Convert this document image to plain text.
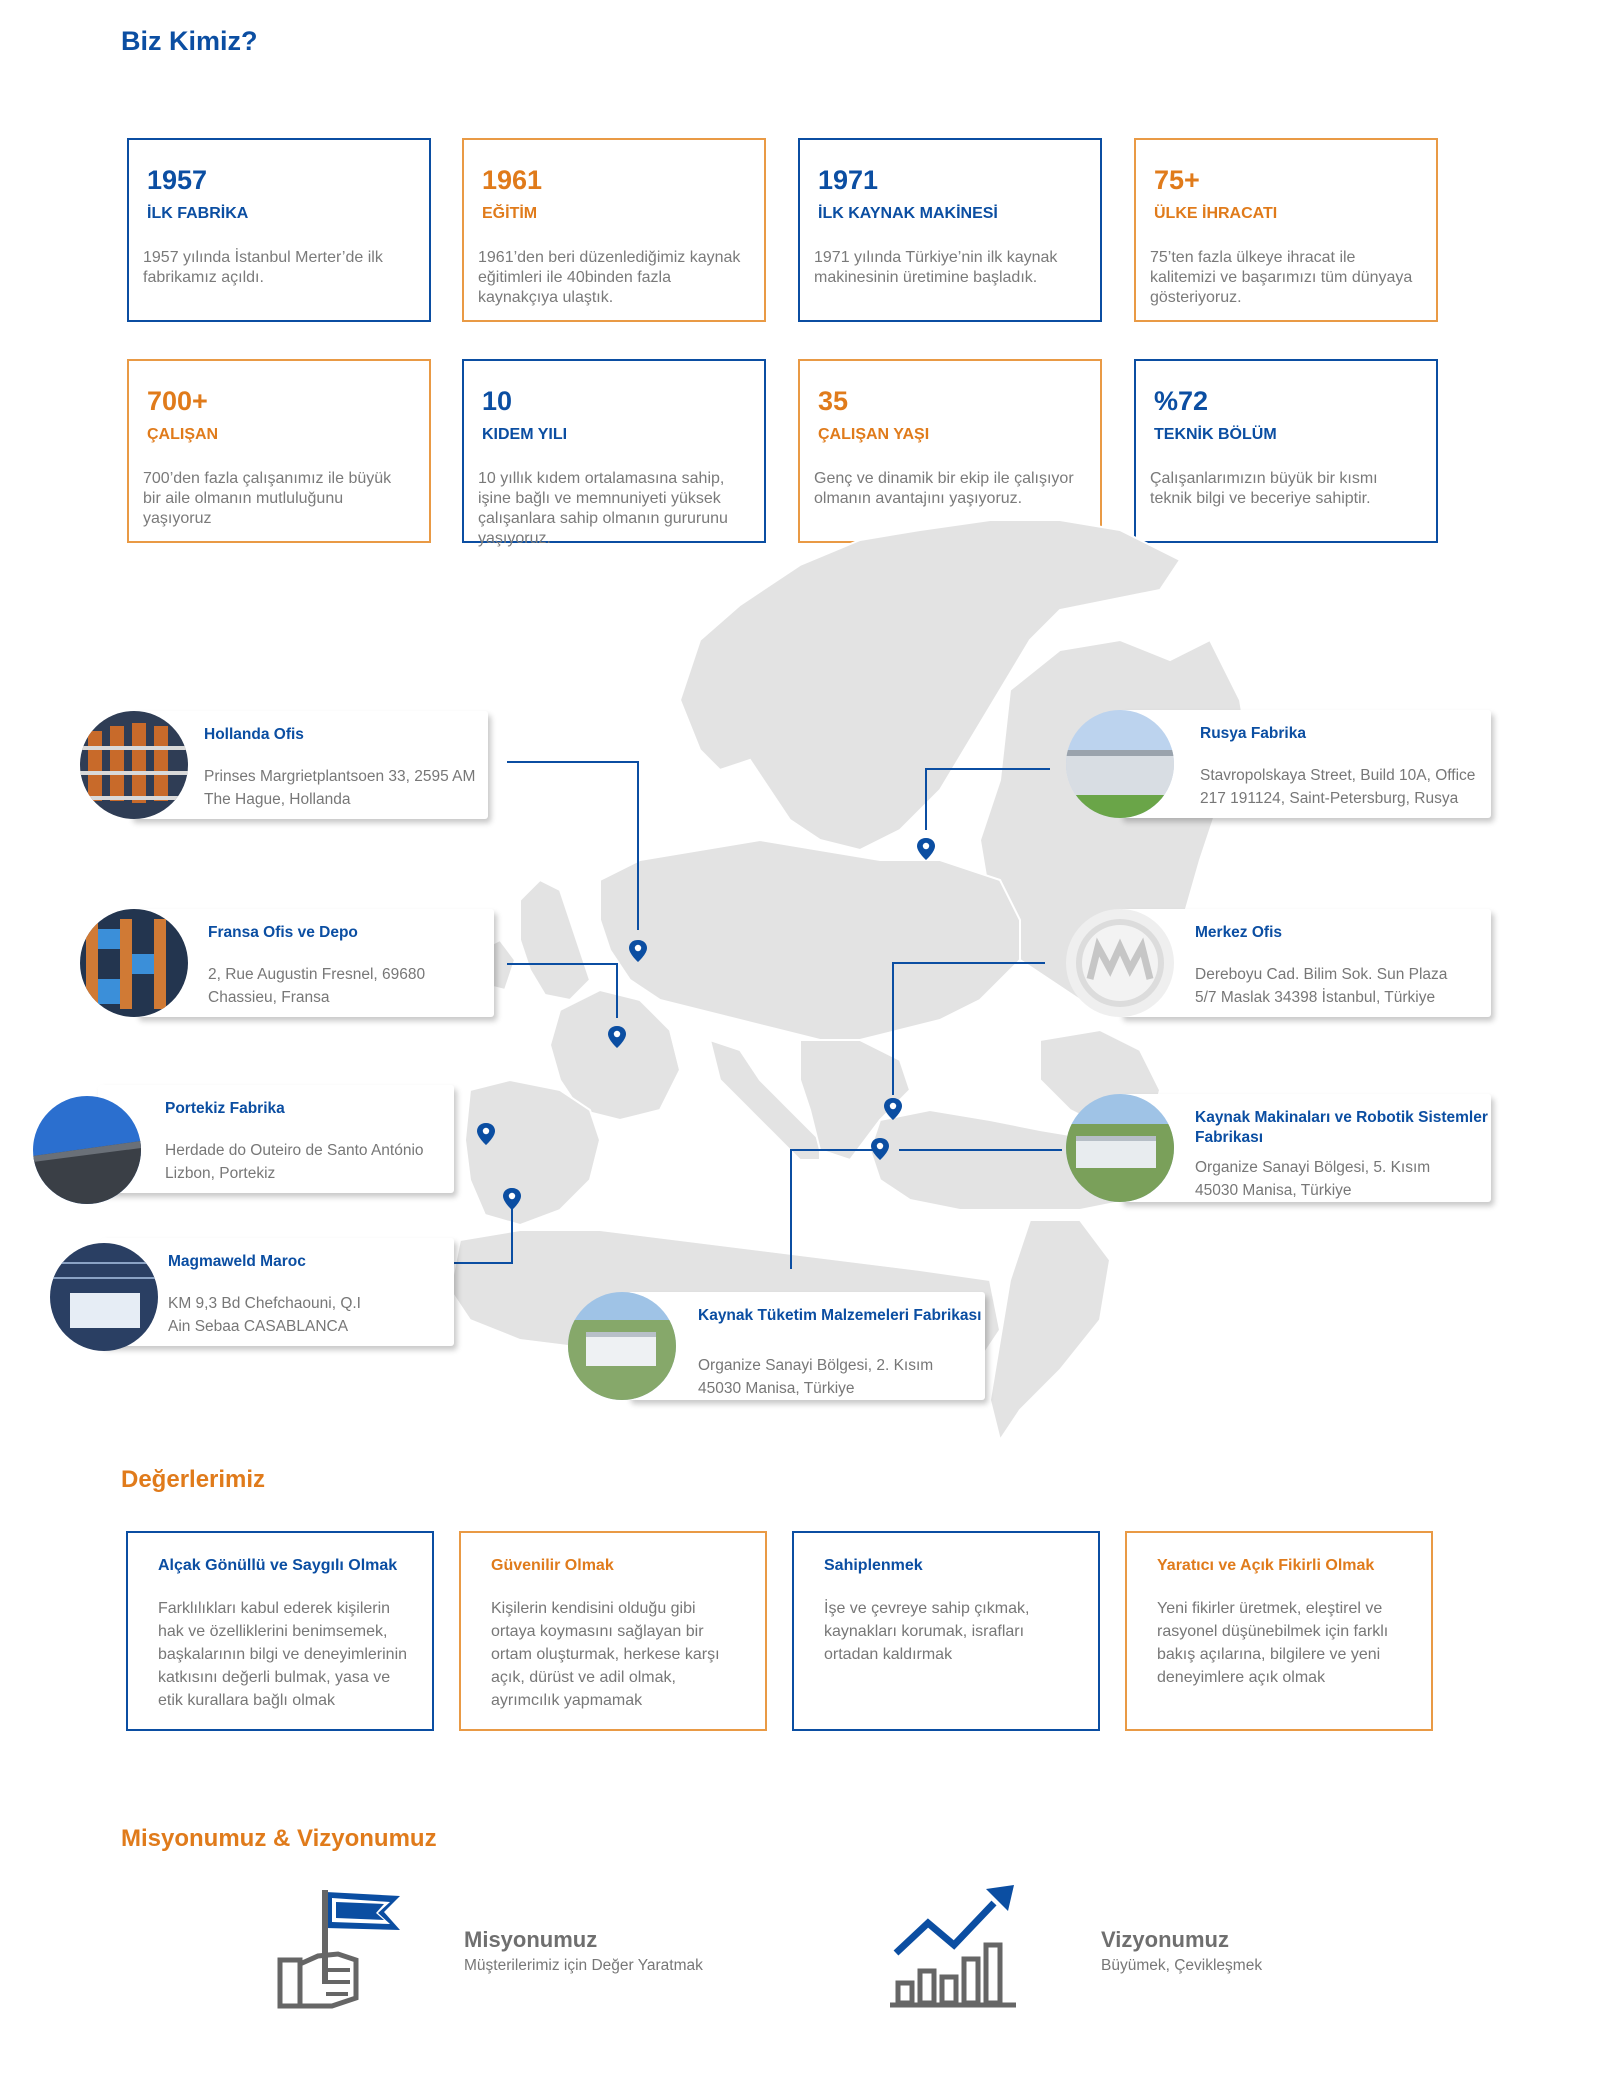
Biz Kimiz?
1957
İLK FABRİKA
1957 yılında İstanbul Merter’de ilk fabrikamız açıldı.
1961
EĞİTİM
1961’den beri düzenlediğimiz kaynak eğitimleri ile 40binden fazla kaynakçıya ulaştık.
1971
İLK KAYNAK MAKİNESİ
1971 yılında Türkiye’nin ilk kaynak makinesinin üretimine başladık.
75+
ÜLKE İHRACATI
75’ten fazla ülkeye ihracat ile kalitemizi ve başarımızı tüm dünyaya gösteriyoruz.
700+
ÇALIŞAN
700’den fazla çalışanımız ile büyük bir aile olmanın mutluluğunu yaşıyoruz
10
KIDEM YILI
10 yıllık kıdem ortalamasına sahip, işine bağlı ve memnuniyeti yüksek çalışanlara sahip olmanın gururunu yaşıyoruz.
35
ÇALIŞAN YAŞI
Genç ve dinamik bir ekip ile çalışıyor olmanın avantajını yaşıyoruz.
%72
TEKNİK BÖLÜM
Çalışanlarımızın büyük bir kısmı teknik bilgi ve beceriye sahiptir.
Hollanda Ofis
Prinses Margrietplantsoen 33, 2595 AM
The Hague, Hollanda
Fransa Ofis ve Depo
2, Rue Augustin Fresnel, 69680
Chassieu, Fransa
Portekiz Fabrika
Herdade do Outeiro de Santo António
Lizbon, Portekiz
Magmaweld Maroc
KM 9,3 Bd Chefchaouni, Q.I
Ain Sebaa CASABLANCA
Rusya Fabrika
Stavropolskaya Street, Build 10A, Office
217 191124, Saint-Petersburg, Rusya
Merkez Ofis
Dereboyu Cad. Bilim Sok. Sun Plaza
5/7 Maslak 34398 İstanbul, Türkiye
Kaynak Makinaları ve Robotik Sistemler Fabrikası
Organize Sanayi Bölgesi, 5. Kısım
45030 Manisa, Türkiye
Kaynak Tüketim Malzemeleri Fabrikası
Organize Sanayi Bölgesi, 2. Kısım
45030 Manisa, Türkiye
Değerlerimiz
Alçak Gönüllü ve Saygılı Olmak
Farklılıkları kabul ederek kişilerin hak ve özelliklerini benimsemek, başkalarının bilgi ve deneyimlerinin katkısını değerli bulmak, yasa ve etik kurallara bağlı olmak
Güvenilir Olmak
Kişilerin kendisini olduğu gibi ortaya koymasını sağlayan bir ortam oluşturmak, herkese karşı açık, dürüst ve adil olmak, ayrımcılık yapmamak
Sahiplenmek
İşe ve çevreye sahip çıkmak, kaynakları korumak, israfları ortadan kaldırmak
Yaratıcı ve Açık Fikirli Olmak
Yeni fikirler üretmek, eleştirel ve rasyonel düşünebilmek için farklı bakış açılarına, bilgilere ve yeni deneyimlere açık olmak
Misyonumuz & Vizyonumuz
Misyonumuz
Müşterilerimiz için Değer Yaratmak
Vizyonumuz
Büyümek, Çevikleşmek
